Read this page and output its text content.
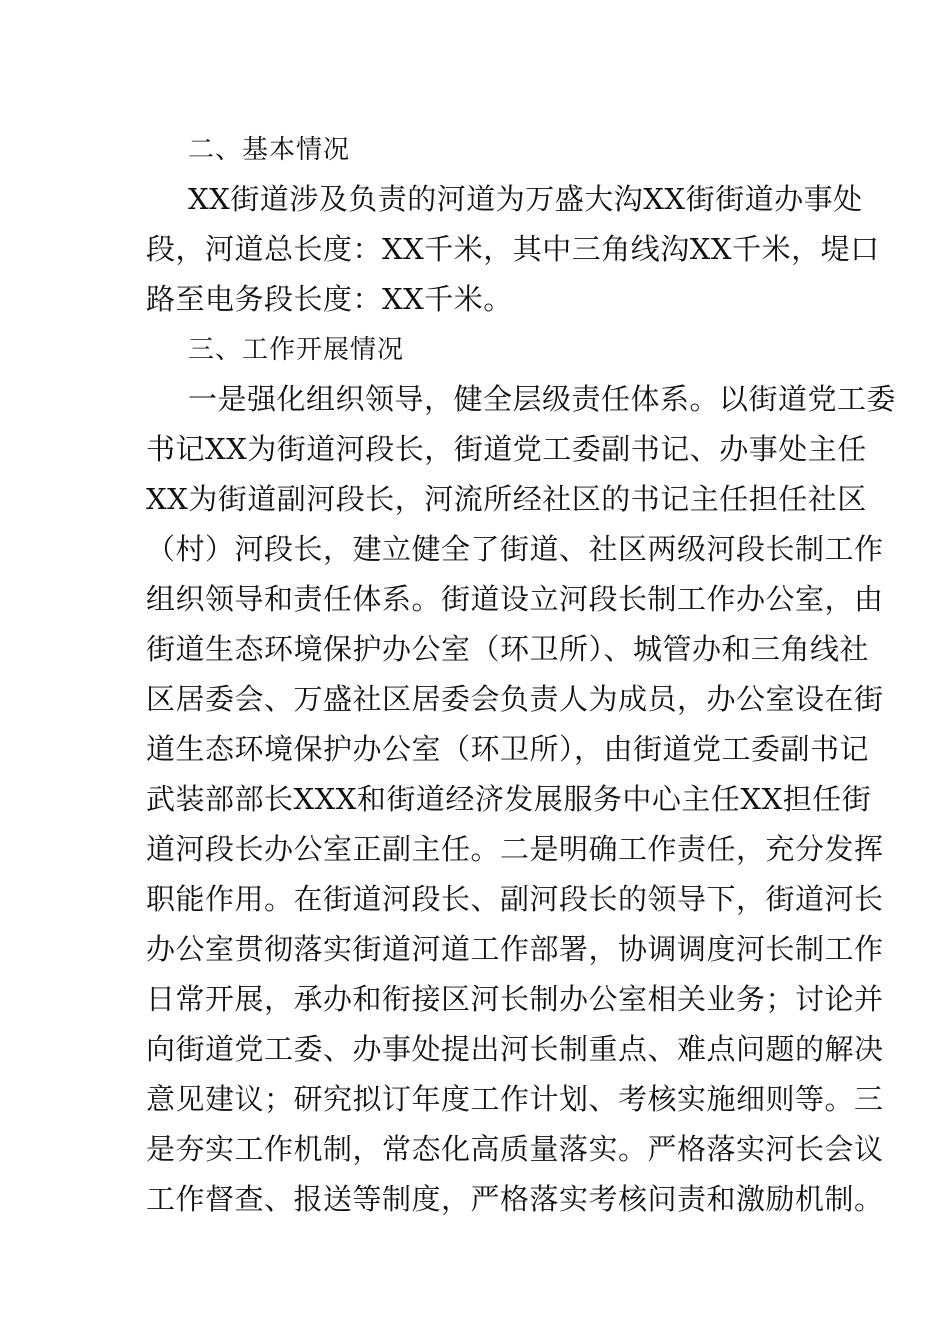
二、基本情况
XX街道涉及负责的河道为万盛大沟XX街街道办事处
段，河道总长度：XX千米，其中三角线沟XX千米，堤口
路至电务段长度：XX千米。
三、工作开展情况
一是强化组织领导，健全层级责任体系。以街道党工委
书记XX为街道河段长，街道党工委副书记、办事处主任
XX为街道副河段长，河流所经社区的书记主任担任社区
（村）河段长，建立健全了街道、社区两级河段长制工作
组织领导和责任体系。街道设立河段长制工作办公室，由
街道生态环境保护办公室（环卫所）、城管办和三角线社
区居委会、万盛社区居委会负责人为成员，办公室设在街
道生态环境保护办公室（环卫所），由街道党工委副书记
武装部部长XXX和街道经济发展服务中心主任XX担任街
道河段长办公室正副主任。二是明确工作责任，充分发挥
职能作用。在街道河段长、副河段长的领导下，街道河长
办公室贯彻落实街道河道工作部署，协调调度河长制工作
日常开展，承办和衔接区河长制办公室相关业务；讨论并
向街道党工委、办事处提出河长制重点、难点问题的解决
意见建议；研究拟订年度工作计划、考核实施细则等。三
是夯实工作机制，常态化高质量落实。严格落实河长会议
工作督查、报送等制度，严格落实考核问责和激励机制。
